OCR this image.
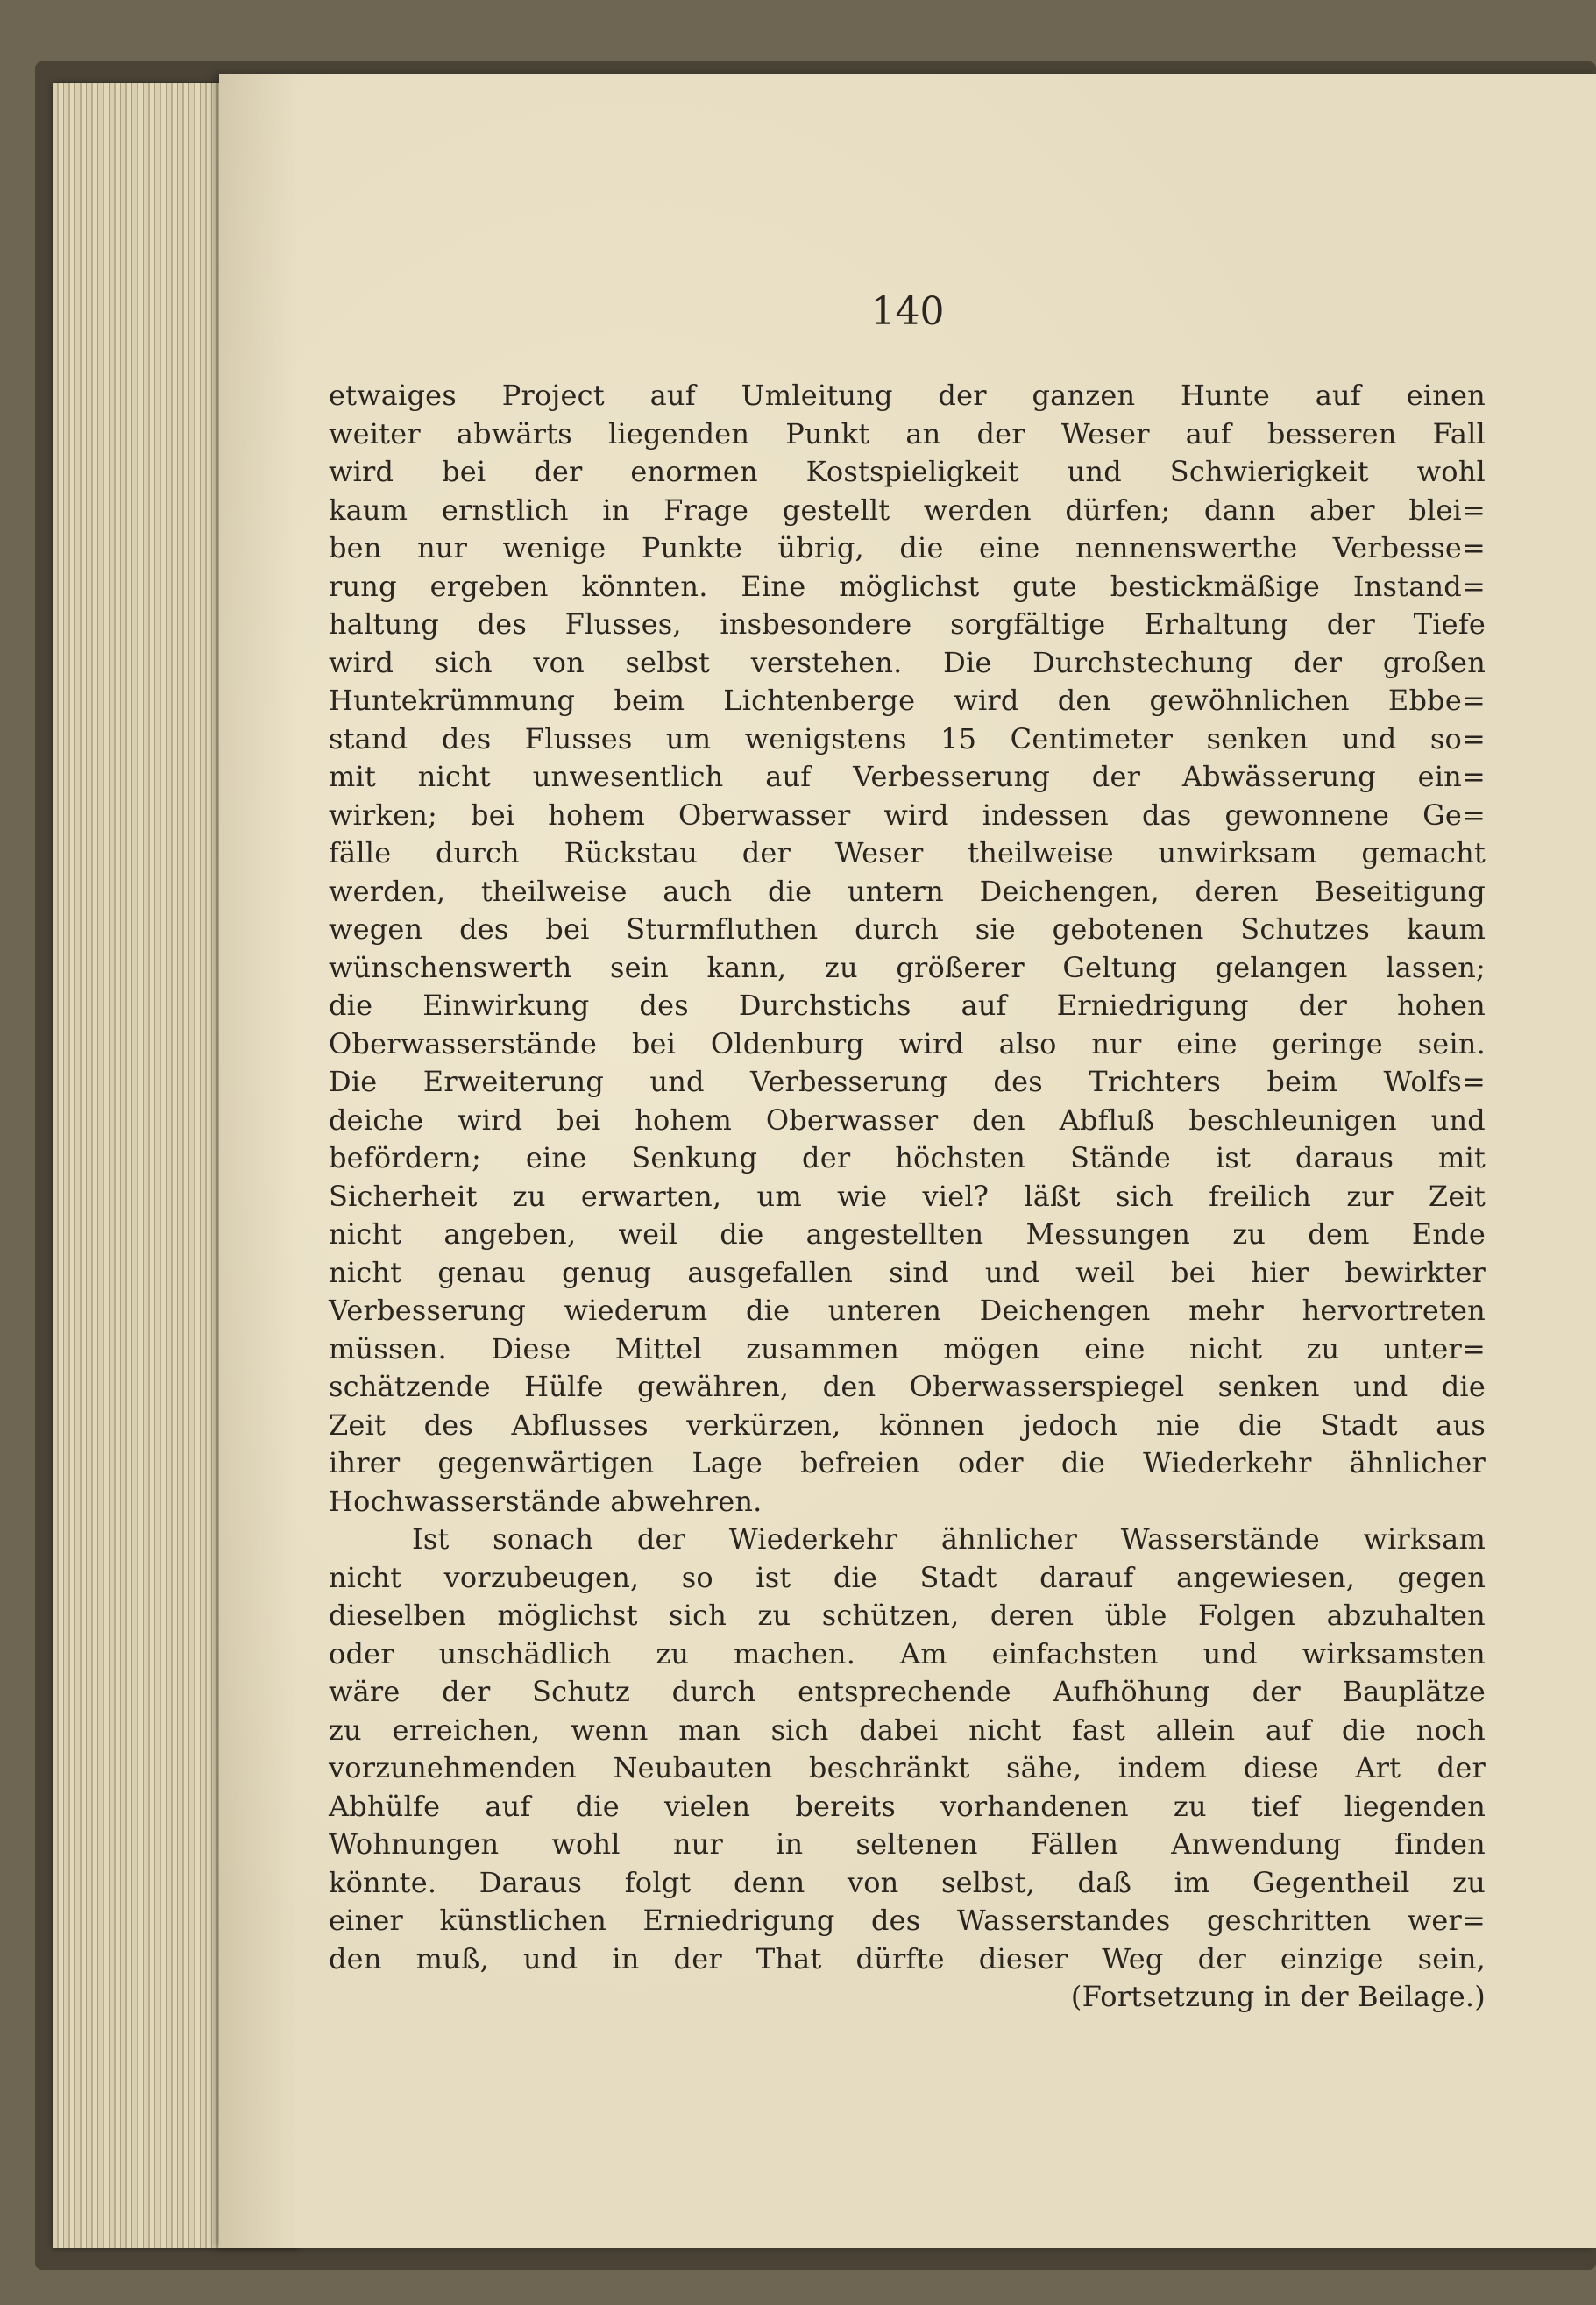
140
etwaiges Project auf Umleitung der ganzen Hunte auf einen
weiter abwärts liegenden Punkt an der Weser auf besseren Fall
wird bei der enormen Kostspieligkeit und Schwierigkeit wohl
kaum ernstlich in Frage gestellt werden dürfen; dann aber blei=
ben nur wenige Punkte übrig, die eine nennenswerthe Verbesse=
rung ergeben könnten. Eine möglichst gute bestickmäßige Instand=
haltung des Flusses, insbesondere sorgfältige Erhaltung der Tiefe
wird sich von selbst verstehen. Die Durchstechung der großen
Huntekrümmung beim Lichtenberge wird den gewöhnlichen Ebbe=
stand des Flusses um wenigstens 15 Centimeter senken und so=
mit nicht unwesentlich auf Verbesserung der Abwässerung ein=
wirken; bei hohem Oberwasser wird indessen das gewonnene Ge=
fälle durch Rückstau der Weser theilweise unwirksam gemacht
werden, theilweise auch die untern Deichengen, deren Beseitigung
wegen des bei Sturmfluthen durch sie gebotenen Schutzes kaum
wünschenswerth sein kann, zu größerer Geltung gelangen lassen;
die Einwirkung des Durchstichs auf Erniedrigung der hohen
Oberwasserstände bei Oldenburg wird also nur eine geringe sein.
Die Erweiterung und Verbesserung des Trichters beim Wolfs=
deiche wird bei hohem Oberwasser den Abfluß beschleunigen und
befördern; eine Senkung der höchsten Stände ist daraus mit
Sicherheit zu erwarten, um wie viel? läßt sich freilich zur Zeit
nicht angeben, weil die angestellten Messungen zu dem Ende
nicht genau genug ausgefallen sind und weil bei hier bewirkter
Verbesserung wiederum die unteren Deichengen mehr hervortreten
müssen. Diese Mittel zusammen mögen eine nicht zu unter=
schätzende Hülfe gewähren, den Oberwasserspiegel senken und die
Zeit des Abflusses verkürzen, können jedoch nie die Stadt aus
ihrer gegenwärtigen Lage befreien oder die Wiederkehr ähnlicher
Hochwasserstände abwehren.
Ist sonach der Wiederkehr ähnlicher Wasserstände wirksam
nicht vorzubeugen, so ist die Stadt darauf angewiesen, gegen
dieselben möglichst sich zu schützen, deren üble Folgen abzuhalten
oder unschädlich zu machen. Am einfachsten und wirksamsten
wäre der Schutz durch entsprechende Aufhöhung der Bauplätze
zu erreichen, wenn man sich dabei nicht fast allein auf die noch
vorzunehmenden Neubauten beschränkt sähe, indem diese Art der
Abhülfe auf die vielen bereits vorhandenen zu tief liegenden
Wohnungen wohl nur in seltenen Fällen Anwendung finden
könnte. Daraus folgt denn von selbst, daß im Gegentheil zu
einer künstlichen Erniedrigung des Wasserstandes geschritten wer=
den muß, und in der That dürfte dieser Weg der einzige sein,
(Fortsetzung in der Beilage.)
